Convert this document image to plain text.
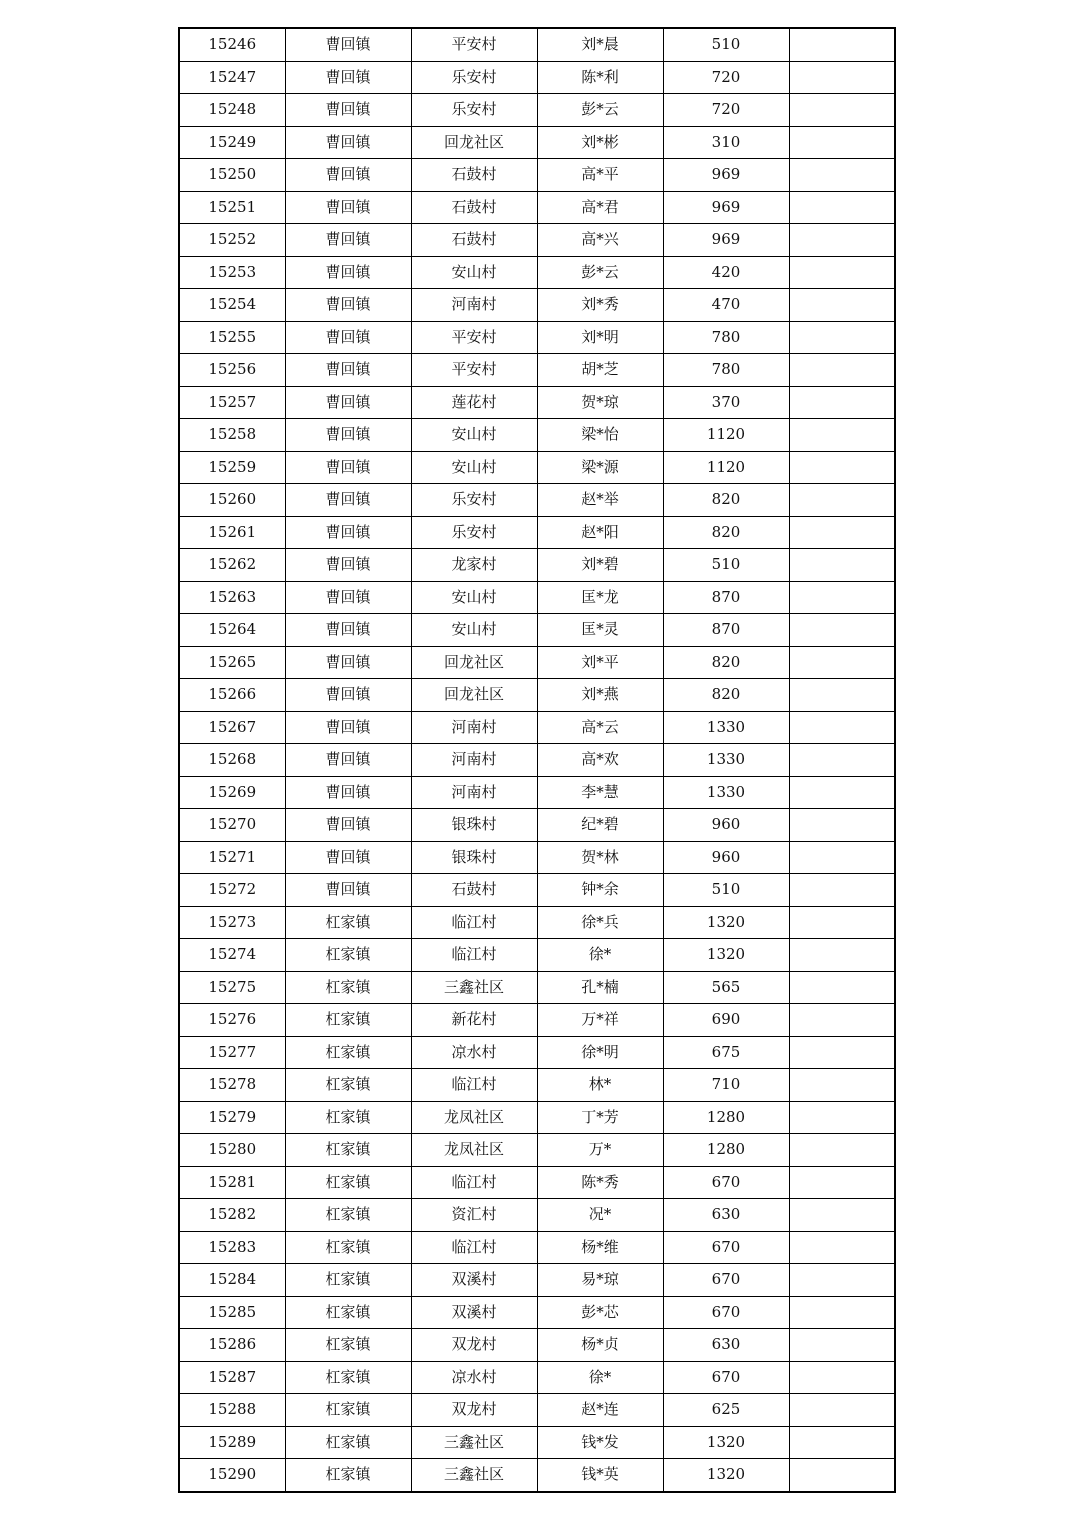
15246	曹回镇	平安村	刘*晨	510	
15247	曹回镇	乐安村	陈*利	720	
15248	曹回镇	乐安村	彭*云	720	
15249	曹回镇	回龙社区	刘*彬	310	
15250	曹回镇	石鼓村	高*平	969	
15251	曹回镇	石鼓村	高*君	969	
15252	曹回镇	石鼓村	高*兴	969	
15253	曹回镇	安山村	彭*云	420	
15254	曹回镇	河南村	刘*秀	470	
15255	曹回镇	平安村	刘*明	780	
15256	曹回镇	平安村	胡*芝	780	
15257	曹回镇	莲花村	贺*琼	370	
15258	曹回镇	安山村	梁*怡	1120	
15259	曹回镇	安山村	梁*源	1120	
15260	曹回镇	乐安村	赵*举	820	
15261	曹回镇	乐安村	赵*阳	820	
15262	曹回镇	龙家村	刘*碧	510	
15263	曹回镇	安山村	匡*龙	870	
15264	曹回镇	安山村	匡*灵	870	
15265	曹回镇	回龙社区	刘*平	820	
15266	曹回镇	回龙社区	刘*燕	820	
15267	曹回镇	河南村	高*云	1330	
15268	曹回镇	河南村	高*欢	1330	
15269	曹回镇	河南村	李*慧	1330	
15270	曹回镇	银珠村	纪*碧	960	
15271	曹回镇	银珠村	贺*林	960	
15272	曹回镇	石鼓村	钟*余	510	
15273	杠家镇	临江村	徐*兵	1320	
15274	杠家镇	临江村	徐*	1320	
15275	杠家镇	三鑫社区	孔*楠	565	
15276	杠家镇	新花村	万*祥	690	
15277	杠家镇	凉水村	徐*明	675	
15278	杠家镇	临江村	林*	710	
15279	杠家镇	龙凤社区	丁*芳	1280	
15280	杠家镇	龙凤社区	万*	1280	
15281	杠家镇	临江村	陈*秀	670	
15282	杠家镇	资汇村	况*	630	
15283	杠家镇	临江村	杨*维	670	
15284	杠家镇	双溪村	易*琼	670	
15285	杠家镇	双溪村	彭*芯	670	
15286	杠家镇	双龙村	杨*贞	630	
15287	杠家镇	凉水村	徐*	670	
15288	杠家镇	双龙村	赵*连	625	
15289	杠家镇	三鑫社区	钱*发	1320	
15290	杠家镇	三鑫社区	钱*英	1320	
